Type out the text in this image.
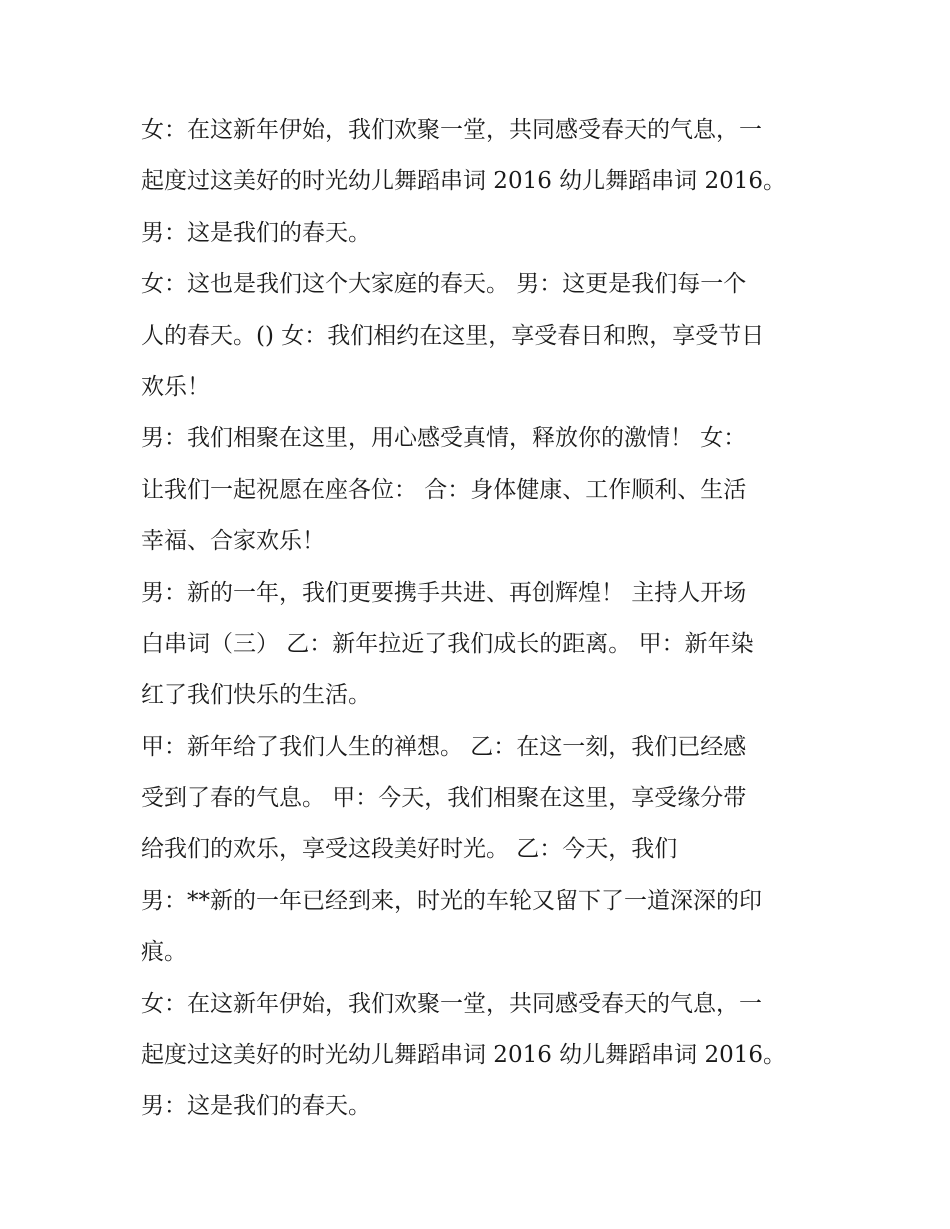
女：在这新年伊始，我们欢聚一堂，共同感受春天的气息，一
起度过这美好的时光幼儿舞蹈串词 2016 幼儿舞蹈串词 2016。
男：这是我们的春天。
女：这也是我们这个大家庭的春天。 男：这更是我们每一个
人的春天。() 女：我们相约在这里，享受春日和煦，享受节日
欢乐！
男：我们相聚在这里，用心感受真情，释放你的激情！ 女：
让我们一起祝愿在座各位： 合：身体健康、工作顺利、生活
幸福、合家欢乐！
男：新的一年，我们更要携手共进、再创辉煌！ 主持人开场
白串词（三） 乙：新年拉近了我们成长的距离。 甲：新年染
红了我们快乐的生活。
甲：新年给了我们人生的禅想。 乙：在这一刻，我们已经感
受到了春的气息。 甲：今天，我们相聚在这里，享受缘分带
给我们的欢乐，享受这段美好时光。 乙：今天，我们
男：**新的一年已经到来，时光的车轮又留下了一道深深的印
痕。
女：在这新年伊始，我们欢聚一堂，共同感受春天的气息，一
起度过这美好的时光幼儿舞蹈串词 2016 幼儿舞蹈串词 2016。
男：这是我们的春天。
